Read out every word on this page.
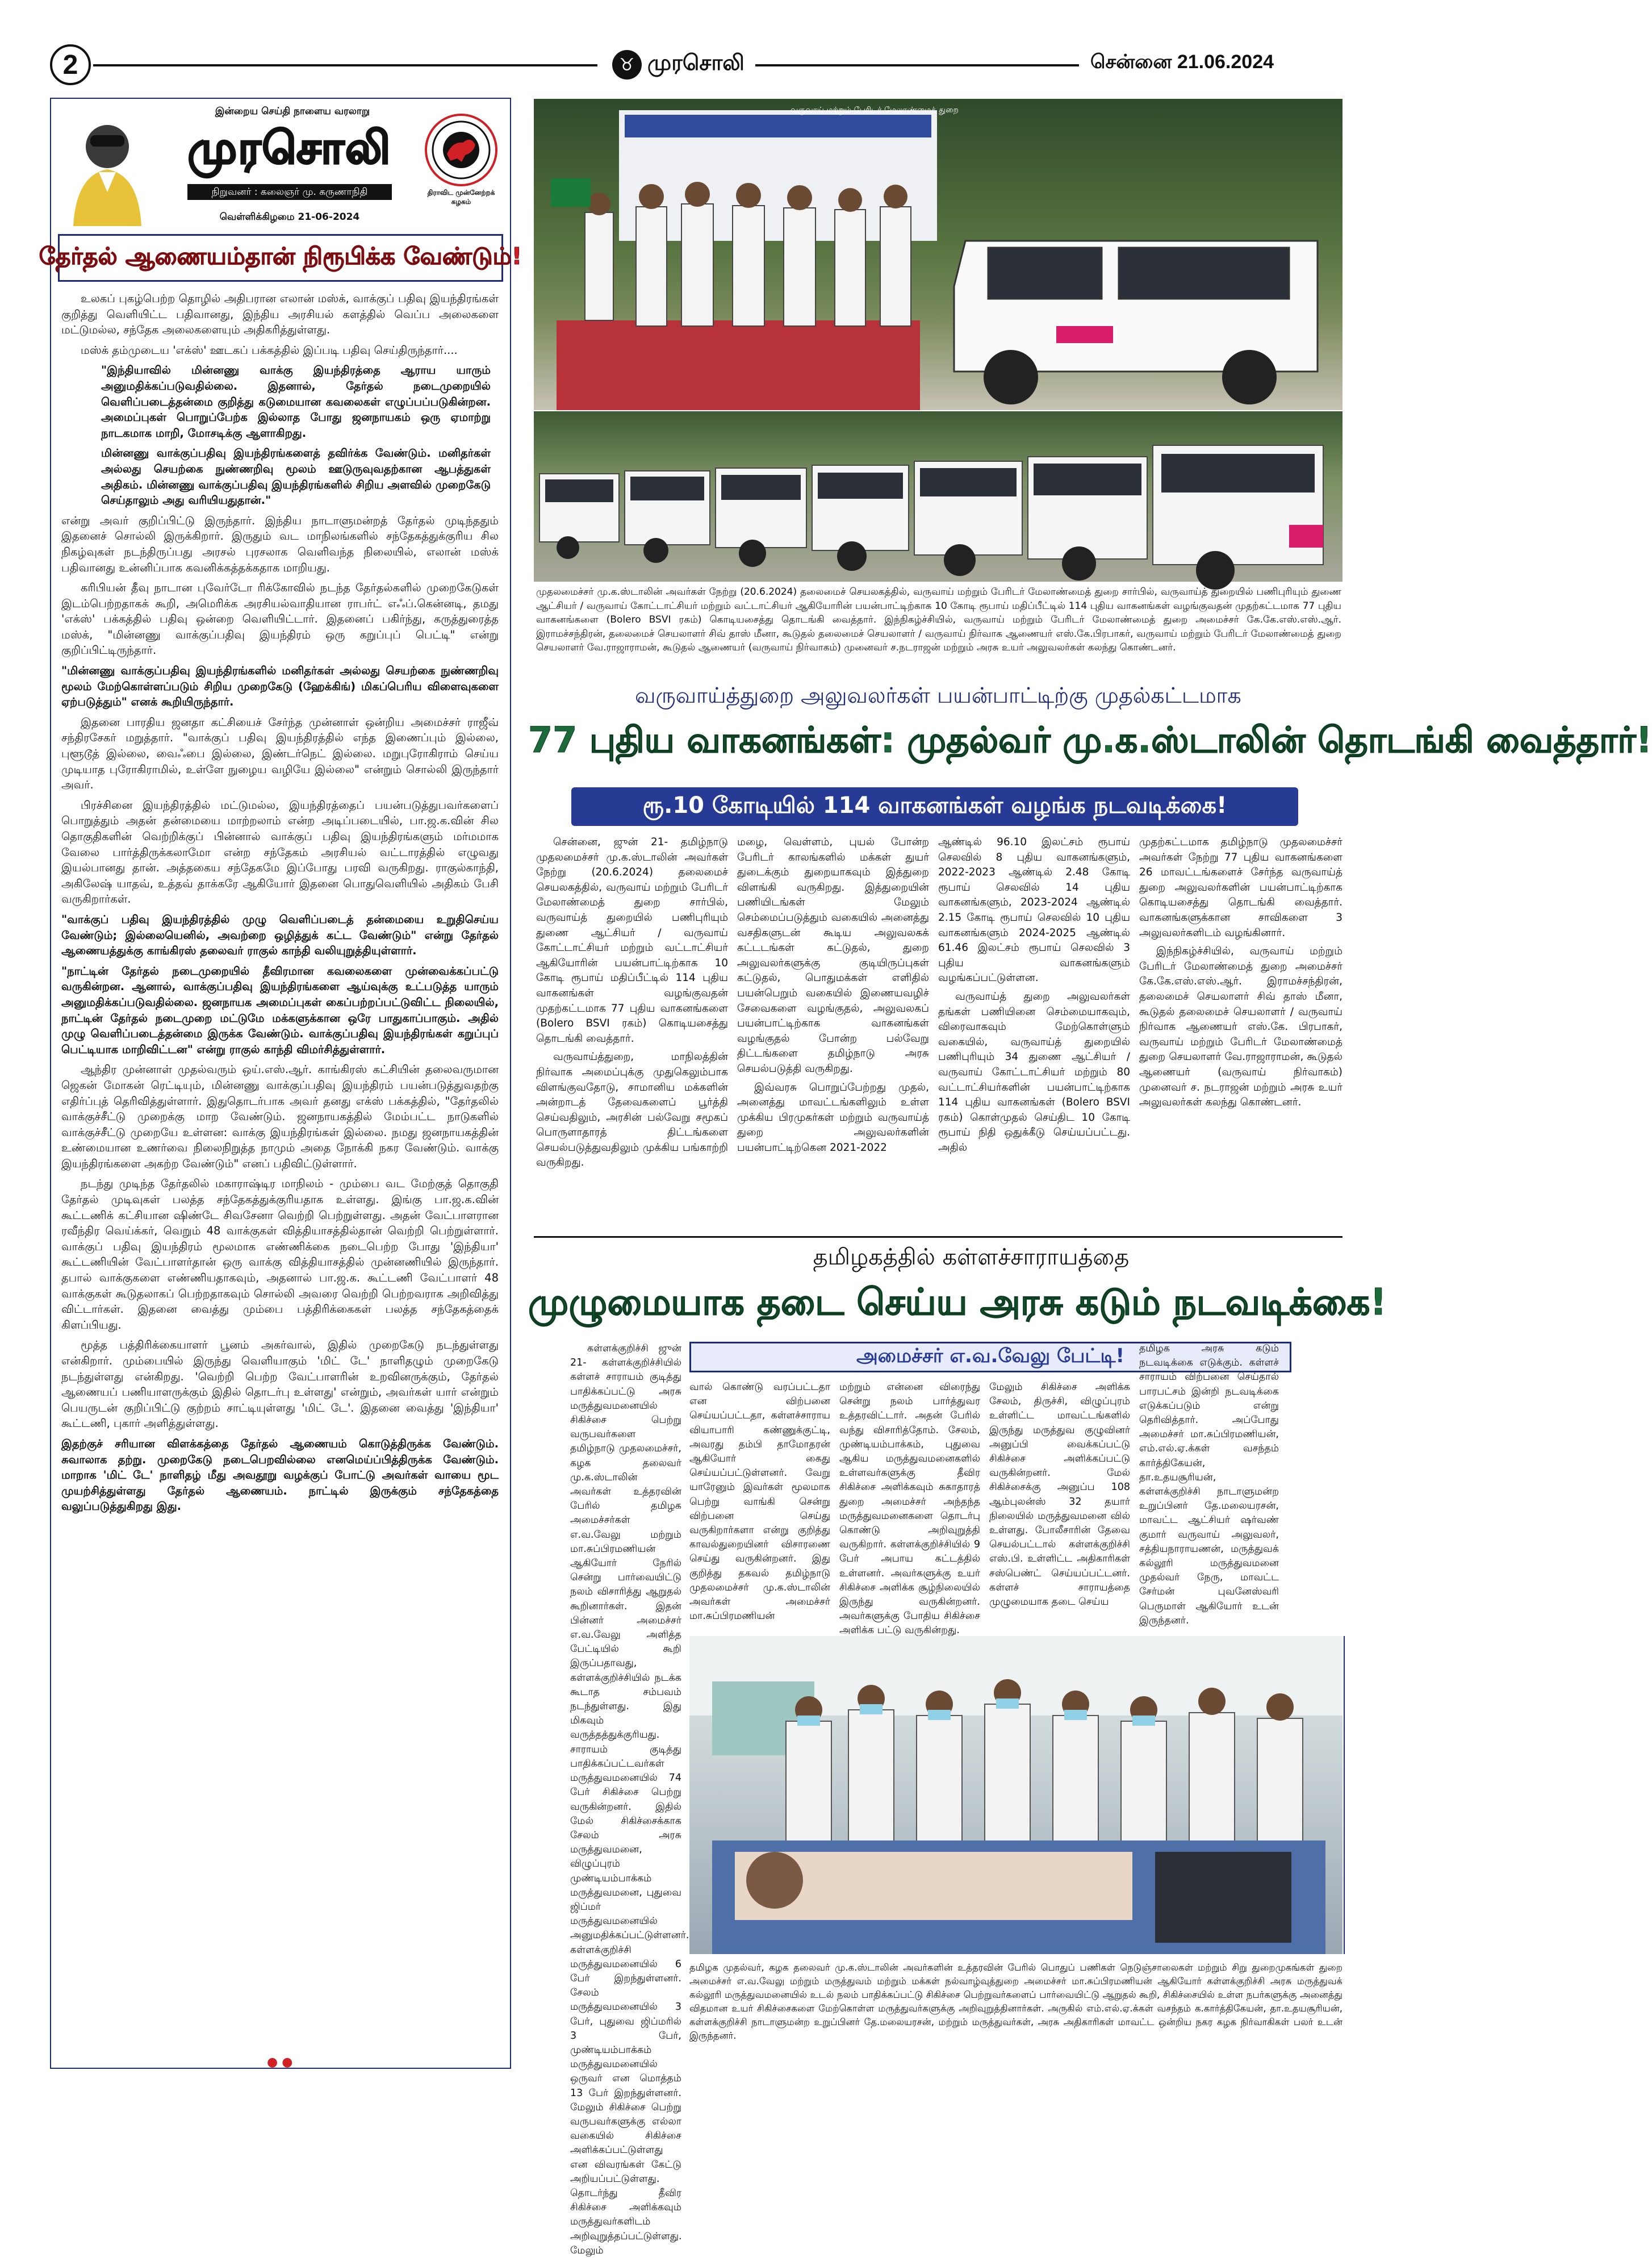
2	♉ முரசொலி	சென்னை 21.06.2024
இன்றைய செய்தி நாளைய வரலாறு
முரசொலி
நிறுவனர் : கலைஞர் மு. கருணாநிதி	திராவிட முன்னேற்றக் கழகம்
வெள்ளிக்கிழமை 21-06-2024
தேர்தல் ஆணையம்தான் நிரூபிக்க வேண்டும்!

உலகப் புகழ்பெற்ற தொழில் அதிபரான எலான் மஸ்க், வாக்குப் பதிவு இயந்திரங்கள் குறித்து வெளியிட்ட பதிவானது, இந்திய அரசியல் களத்தில் வெப்ப அலைகளை மட்டுமல்ல, சந்தேக அலைகளையும் அதிகரித்துள்ளது.

மஸ்க் தம்முடைய 'எக்ஸ்' ஊடகப் பக்கத்தில் இப்படி பதிவு செய்திருந்தார்....

"இந்தியாவில் மின்னணு வாக்கு இயந்திரத்தை ஆராய யாரும் அனுமதிக்கப்படுவதில்லை. இதனால், தேர்தல் நடைமுறையில் வெளிப்படைத்தன்மை குறித்து கடுமையான கவலைகள் எழுப்பப்படுகின்றன. அமைப்புகள் பொறுப்பேற்க இல்லாத போது ஜனநாயகம் ஒரு ஏமாற்று நாடகமாக மாறி, மோசடிக்கு ஆளாகிறது.

மின்னணு வாக்குப்பதிவு இயந்திரங்களைத் தவிர்க்க வேண்டும். மனிதர்கள் அல்லது செயற்கை நுண்ணறிவு மூலம் ஊடுருவுவதற்கான ஆபத்துகள் அதிகம். மின்னணு வாக்குப்பதிவு இயந்திரங்களில் சிறிய அளவில் முறைகேடு செய்தாலும் அது வரியியதுதான்."

என்று அவர் குறிப்பிட்டு இருந்தார். இந்திய நாடாளுமன்றத் தேர்தல் முடிந்ததும் இதனைச் சொல்லி இருக்கிறார். இருதும் வட மாநிலங்களில் சந்தேகத்துக்குரிய சில நிகழ்வுகள் நடந்திருப்பது அரசல் புரசலாக வெளிவந்த நிலையில், எலான் மஸ்க் பதிவானது உன்னிப்பாக கவனிக்கத்தக்கதாக மாறியது.

கரிபியன் தீவு நாடான புவேர்டோ ரிக்கோவில் நடந்த தேர்தல்களில் முறைகேடுகள் இடம்பெற்றதாகக் கூறி, அமெரிக்க அரசியல்வாதியான ராபர்ட் எஃப்.கென்னடி, தமது 'எக்ஸ்' பக்கத்தில் பதிவு ஒன்றை வெளியிட்டார். இதனைப் பகிர்ந்து, கருத்துரைத்த மஸ்க், "மின்னணு வாக்குப்பதிவு இயந்திரம் ஒரு கறுப்புப் பெட்டி" என்று குறிப்பிட்டிருந்தார்.

"மின்னணு வாக்குப்பதிவு இயந்திரங்களில் மனிதர்கள் அல்லது செயற்கை நுண்ணறிவு மூலம் மேற்கொள்ளப்படும் சிறிய முறைகேடு (ஹேக்கிங்) மிகப்பெரிய விளைவுகளை ஏற்படுத்தும்" எனக் கூறியிருந்தார்.

இதனை பாரதிய ஜனதா கட்சியைச் சேர்ந்த முன்னாள் ஒன்றிய அமைச்சர் ராஜீவ் சந்திரசேகர் மறுத்தார். "வாக்குப் பதிவு இயந்திரத்தில் எந்த இணைப்பும் இல்லை, புளூடூத் இல்லை, வைஃபை இல்லை, இண்டர்நெட் இல்லை. மறுபுரோகிராம் செய்ய முடியாத புரோகிராமில், உள்ளே நுழைய வழியே இல்லை" என்றும் சொல்லி இருந்தார் அவர்.

பிரச்சினை இயந்திரத்தில் மட்டுமல்ல, இயந்திரத்தைப் பயன்படுத்துபவர்களைப் பொறுத்தும் அதன் தன்மையை மாற்றலாம் என்ற அடிப்படையில், பா.ஜ.க.வின் சில தொகுதிகளின் வெற்றிக்குப் பின்னால் வாக்குப் பதிவு இயந்திரங்களும் மர்மமாக வேலை பார்த்திருக்கலாமோ என்ற சந்தேகம் அரசியல் வட்டாரத்தில் எழுவது இயல்பானது தான். அத்தகைய சந்தேகமே இப்போது பரவி வருகிறது. ராகுல்காந்தி, அகிலேஷ் யாதவ், உத்தவ் தாக்கரே ஆகியோர் இதனை பொதுவெளியில் அதிகம் பேசி வருகிறார்கள்.

"வாக்குப் பதிவு இயந்திரத்தில் முழு வெளிப்படைத் தன்மையை உறுதிசெய்ய வேண்டும்; இல்லையெனில், அவற்றை ஒழித்துக் கட்ட வேண்டும்" என்று தேர்தல் ஆணையத்துக்கு காங்கிரஸ் தலைவர் ராகுல் காந்தி வலியுறுத்தியுள்ளார்.

"நாட்டின் தேர்தல் நடைமுறையில் தீவிரமான கவலைகளை முன்வைக்கப்பட்டு வருகின்றன. ஆனால், வாக்குப்பதிவு இயந்திரங்களை ஆய்வுக்கு உட்படுத்த யாரும் அனுமதிக்கப்படுவதில்லை. ஜனநாயக அமைப்புகள் கைப்பற்றப்பட்டுவிட்ட நிலையில், நாட்டின் தேர்தல் நடைமுறை மட்டுமே மக்களுக்கான ஒரே பாதுகாப்பாகும். அதில் முழு வெளிப்படைத்தன்மை இருக்க வேண்டும். வாக்குப்பதிவு இயந்திரங்கள் கறுப்புப் பெட்டியாக மாறிவிட்டன" என்று ராகுல் காந்தி விமர்சித்துள்ளார்.

ஆந்திர முன்னாள் முதல்வரும் ஒய்.எஸ்.ஆர். காங்கிரஸ் கட்சியின் தலைவருமான ஜெகன் மோகன் ரெட்டியும், மின்னணு வாக்குப்பதிவு இயந்திரம் பயன்படுத்துவதற்கு எதிர்ப்புத் தெரிவித்துள்ளார். இதுதொடர்பாக அவர் தனது எக்ஸ் பக்கத்தில், "தேர்தலில் வாக்குச்சீட்டு முறைக்கு மாற வேண்டும். ஜனநாயகத்தில் மேம்பட்ட நாடுகளில் வாக்குச்சீட்டு முறையே உள்ளன: வாக்கு இயந்திரங்கள் இல்லை. நமது ஜனநாயகத்தின் உண்மையான உணர்வை நிலைநிறுத்த நாமும் அதை நோக்கி நகர வேண்டும். வாக்கு இயந்திரங்களை அகற்ற வேண்டும்" எனப் பதிவிட்டுள்ளார்.

நடந்து முடிந்த தேர்தலில் மகாராஷ்டிர மாநிலம் - மும்பை வட மேற்குத் தொகுதி தேர்தல் முடிவுகள் பலத்த சந்தேகத்துக்குரியதாக உள்ளது. இங்கு பா.ஜ.க.வின் கூட்டணிக் கட்சியான ஷிண்டே சிவசேனா வெற்றி பெற்றுள்ளது. அதன் வேட்பாளரான ரவீந்திர வெய்க்கர், வெறும் 48 வாக்குகள் வித்தியாசத்தில்தான் வெற்றி பெற்றுள்ளார். வாக்குப் பதிவு இயந்திரம் மூலமாக எண்ணிக்கை நடைபெற்ற போது 'இந்தியா' கூட்டணியின் வேட்பாளர்தான் ஒரு வாக்கு வித்தியாசத்தில் முன்னணியில் இருந்தார். தபால் வாக்குகளை எண்ணியதாகவும், அதனால் பா.ஜ.க. கூட்டணி வேட்பாளர் 48 வாக்குகள் கூடுதலாகப் பெற்றதாகவும் சொல்லி அவரை வெற்றி பெற்றவராக அறிவித்து விட்டார்கள். இதனை வைத்து மும்பை பத்திரிக்கைகள் பலத்த சந்தேகத்தைக் கிளப்பியது.

மூத்த பத்திரிக்கையாளர் பூனம் அகர்வால், இதில் முறைகேடு நடந்துள்ளது என்கிறார். மும்பையில் இருந்து வெளியாகும் 'மிட் டே' நாளிதழும் முறைகேடு நடந்துள்ளது என்கிறது. 'வெற்றி பெற்ற வேட்பாளரின் உறவினருக்கும், தேர்தல் ஆணையப் பணியாளருக்கும் இதில் தொடர்பு உள்ளது' என்றும், அவர்கள் யார் என்றும் பெயருடன் குறிப்பிட்டு குற்றம் சாட்டியுள்ளது 'மிட் டே'. இதனை வைத்து 'இந்தியா' கூட்டணி, புகார் அளித்துள்ளது.

இதற்குச் சரியான விளக்கத்தை தேர்தல் ஆணையம் கொடுத்திருக்க வேண்டும். சுவாலாக தற்று. முறைகேடு நடைபெறவில்லை எனமெய்ப்பித்திருக்க வேண்டும். மாறாக 'மிட் டே' நாளிதழ் மீது அவதூறு வழக்குப் போட்டு அவர்கள் வாயை மூட முயற்சித்துள்ளது தேர்தல் ஆணையம். நாட்டில் இருக்கும் சந்தேகத்தை வலுப்படுத்துகிறது இது.

● ●
வருவாய் மற்றும் பேரிடர் மேலாண்மைத் துறை
முதலமைச்சர் மு.க.ஸ்டாலின் அவர்கள் நேற்று (20.6.2024) தலைமைச் செயலகத்தில், வருவாய் மற்றும் பேரிடர் மேலாண்மைத் துறை சார்பில், வருவாய்த் துறையில் பணிபுரியும் துணை ஆட்சியர் / வருவாய் கோட்டாட்சியர் மற்றும் வட்டாட்சியர் ஆகியோரின் பயன்பாட்டிற்காக 10 கோடி ரூபாய் மதிப்பீட்டில் 114 புதிய வாகனங்கள் வழங்குவதன் முதற்கட்டமாக 77 புதிய வாகனங்களை (Bolero BSVI ரகம்) கொடியசைத்து தொடங்கி வைத்தார். இந்நிகழ்ச்சியில், வருவாய் மற்றும் பேரிடர் மேலாண்மைத் துறை அமைச்சர் கே.கே.எஸ்.எஸ்.ஆர். இராமச்சந்திரன், தலைமைச் செயலாளர் சிவ் தாஸ் மீனா, கூடுதல் தலைமைச் செயலாளர் / வருவாய் நிர்வாக ஆணையர் எஸ்.கே.பிரபாகர், வருவாய் மற்றும் பேரிடர் மேலாண்மைத் துறை செயலாளர் வே.ராஜாராமன், கூடுதல் ஆணையர் (வருவாய் நிர்வாகம்) முனைவர் ச.நடராஜன் மற்றும் அரசு உயர் அலுவலர்கள் கலந்து கொண்டனர்.
வருவாய்த்துறை அலுவலர்கள் பயன்பாட்டிற்கு முதல்கட்டமாக
77 புதிய வாகனங்கள்: முதல்வர் மு.க.ஸ்டாலின் தொடங்கி வைத்தார்!
ரூ.10 கோடியில் 114 வாகனங்கள் வழங்க நடவடிக்கை!

சென்னை, ஜுன் 21- தமிழ்நாடு முதலமைச்சர் மு.க.ஸ்டாலின் அவர்கள் நேற்று (20.6.2024) தலைமைச் செயலகத்தில், வருவாய் மற்றும் பேரிடர் மேலாண்மைத் துறை சார்பில், வருவாய்த் துறையில் பணிபுரியும் துணை ஆட்சியர் / வருவாய் கோட்டாட்சியர் மற்றும் வட்டாட்சியர் ஆகியோரின் பயன்பாட்டிற்காக 10 கோடி ரூபாய் மதிப்பீட்டில் 114 புதிய வாகனங்கள் வழங்குவதன் முதற்கட்டமாக 77 புதிய வாகனங்களை (Bolero BSVI ரகம்) கொடியசைத்து தொடங்கி வைத்தார்.

வருவாய்த்துறை, மாநிலத்தின் நிர்வாக அமைப்புக்கு முதுகெலும்பாக விளங்குவதோடு, சாமானிய மக்களின் அன்றாடத் தேவைகளைப் பூர்த்தி செய்வதிலும், அரசின் பல்வேறு சமூகப் பொருளாதாரத் திட்டங்களை செயல்படுத்துவதிலும் முக்கிய பங்காற்றி வருகிறது.

மழை, வெள்ளம், புயல் போன்ற பேரிடர் காலங்களில் மக்கள் துயர் துடைக்கும் துறையாகவும் இத்துறை விளங்கி வருகிறது. இத்துறையின் பணியிடங்கள் மேலும் செம்மைப்படுத்தும் வகையில் அனைத்து வசதிகளுடன் கூடிய அலுவலகக் கட்டடங்கள் கட்டுதல், துறை அலுவலர்களுக்கு குடியிருப்புகள் கட்டுதல், பொதுமக்கள் எளிதில் பயன்பெறும் வகையில் இணையவழிச் சேவைகளை வழங்குதல், அலுவலகப் பயன்பாட்டிற்காக வாகனங்கள் வழங்குதல் போன்ற பல்வேறு திட்டங்களை தமிழ்நாடு அரசு செயல்படுத்தி வருகிறது.

இவ்வரசு பொறுப்பேற்றது முதல், அனைத்து மாவட்டங்களிலும் உள்ள முக்கிய பிரமுகர்கள் மற்றும் வருவாய்த் துறை அலுவலர்களின் பயன்பாட்டிற்கென 2021-2022

ஆண்டில் 96.10 இலட்சம் ரூபாய் செலவில் 8 புதிய வாகனங்களும், 2022-2023 ஆண்டில் 2.48 கோடி ரூபாய் செலவில் 14 புதிய வாகனங்களும், 2023-2024 ஆண்டில் 2.15 கோடி ரூபாய் செலவில் 10 புதிய வாகனங்களும் 2024-2025 ஆண்டில் 61.46 இலட்சம் ரூபாய் செலவில் 3 புதிய வாகனங்களும் வழங்கப்பட்டுள்ளன.

வருவாய்த் துறை அலுவலர்கள் தங்கள் பணியினை செம்மையாகவும், விரைவாகவும் மேற்கொள்ளும் வகையில், வருவாய்த் துறையில் பணிபுரியும் 34 துணை ஆட்சியர் / வருவாய் கோட்டாட்சியர் மற்றும் 80 வட்டாட்சியர்களின் பயன்பாட்டிற்காக 114 புதிய வாகனங்கள் (Bolero BSVI ரகம்) கொள்முதல் செய்திட 10 கோடி ரூபாய் நிதி ஒதுக்கீடு செய்யப்பட்டது. அதில்

முதற்கட்டமாக தமிழ்நாடு முதலமைச்சர் அவர்கள் நேற்று 77 புதிய வாகனங்களை 26 மாவட்டங்களைச் சேர்ந்த வருவாய்த் துறை அலுவலர்களின் பயன்பாட்டிற்காக கொடியசைத்து தொடங்கி வைத்தார். வாகனங்களுக்கான சாவிகளை 3 அலுவலர்களிடம் வழங்கினார்.

இந்நிகழ்ச்சியில், வருவாய் மற்றும் பேரிடர் மேலாண்மைத் துறை அமைச்சர் கே.கே.எஸ்.எஸ்.ஆர். இராமச்சந்திரன், தலைமைச் செயலாளர் சிவ் தாஸ் மீனா, கூடுதல் தலைமைச் செயலாளர் / வருவாய் நிர்வாக ஆணையர் எஸ்.கே. பிரபாகர், வருவாய் மற்றும் பேரிடர் மேலாண்மைத் துறை செயலாளர் வே.ராஜாராமன், கூடுதல் ஆணையர் (வருவாய் நிர்வாகம்) முனைவர் ச. நடராஜன் மற்றும் அரசு உயர் அலுவலர்கள் கலந்து கொண்டனர்.

தமிழகத்தில் கள்ளச்சாராயத்தை
முழுமையாக தடை செய்ய அரசு கடும் நடவடிக்கை!

கள்ளக்குறிச்சி ஜுன் 21- கள்ளக்குறிச்சியில் கள்ளச் சாராயம் குடித்து பாதிக்கப்பட்டு அரசு மருத்துவமனையில் சிகிச்சை பெற்று வருபவர்களை தமிழ்நாடு முதலமைச்சர், கழக தலைவர் மு.க.ஸ்டாலின் அவர்கள் உத்தரவின் பேரில் தமிழக அமைச்சர்கள் எ.வ.வேலு மற்றும் மா.சுப்பிரமணியன் ஆகியோர் நேரில் சென்று பார்வையிட்டு நலம் விசாரித்து ஆறுதல் கூறினார்கள். இதன் பின்னர் அமைச்சர் எ.வ.வேலு அளித்த பேட்டியில் கூறி இருப்பதாவது, கள்ளக்குறிச்சியில் நடக்க கூடாத சம்பவம் நடந்துள்ளது. இது மிகவும் வருத்தத்துக்குரியது. சாராயம் குடித்து பாதிக்கப்பட்டவர்கள் மருத்துவமனையில் 74 பேர் சிகிச்சை பெற்று வருகின்றனர். இதில் மேல் சிகிச்சைக்காக சேலம் அரசு மருத்துவமனை, விழுப்புரம் முண்டியம்பாக்கம் மருத்துவமனை, புதுவை ஜிப்மர் மருத்துவமனையில் அனுமதிக்கப்பட்டுள்ளனர். கள்ளக்குறிச்சி மருத்துவமனையில் 6 பேர் இறந்துள்ளனர். சேலம் மருத்துவமனையில் 3 பேர், புதுவை ஜிப்மரில் 3 பேர், முண்டியம்பாக்கம் மருத்துவமனையில் ஒருவர் என மொத்தம் 13 பேர் இறந்துள்ளனர். மேலும் சிகிச்சை பெற்று வருபவர்களுக்கு எல்லா வகையில் சிகிச்சை அளிக்கப்பட்டுள்ளது என விவரங்கள் கேட்டு அறியப்பட்டுள்ளது. தொடர்ந்து தீவிர சிகிச்சை அளிக்கவும் மருத்துவர்களிடம் அறிவுறுத்தப்பட்டுள்ளது. மேலும்

அமைச்சர் எ.வ.வேலு பேட்டி!

வால் கொண்டு வரப்பட்டதா என விற்பனை செய்யப்பட்டதா, கள்ளச்சாராய வியாபாரி கண்ணுக்குட்டி, அவரது தம்பி தாமோதரன் ஆகியோர் கைது செய்யப்பட்டுள்ளனர். வேறு யாரேனும் இவர்கள் மூலமாக பெற்று வாங்கி சென்று விற்பனை செய்து வருகிறார்களா என்று குறித்து காவல்துறையினர் விசாரணை செய்து வருகின்றனர். இது குறித்து தகவல் தமிழ்நாடு முதலமைச்சர் மு.க.ஸ்டாலின் அவர்கள் அமைச்சர் மா.சுப்பிரமணியன்

மற்றும் என்னை விரைந்து சென்று நலம் பார்த்துவர உத்தரவிட்டார். அதன் பேரில் வந்து விசாரித்தோம். சேலம், முண்டியம்பாக்கம், புதுவை ஆகிய மருத்துவமனைகளில் உள்ளவர்களுக்கு தீவிர சிகிச்சை அளிக்கவும் சுகாதாரத் துறை அமைச்சர் அந்தந்த மருத்துவமனைகளை தொடர்பு கொண்டு அறிவுறுத்தி வருகிறார். கள்ளக்குறிச்சியில் 9 பேர் அபாய கட்டத்தில் உள்ளனர். அவர்களுக்கு உயர் சிகிச்சை அளிக்க சூழ்நிலையில் இருந்து வருகின்றனர். அவர்களுக்கு போதிய சிகிச்சை அளிக்க பட்டு வருகின்றது.

மேலும் சிகிச்சை அளிக்க சேலம், திருச்சி, விழுப்புரம் உள்ளிட்ட மாவட்டங்களில் இருந்து மருத்துவ குழுவினர் அனுப்பி வைக்கப்பட்டு சிகிச்சை அளிக்கப்பட்டு வருகின்றனர். மேல் சிகிச்சைக்கு அனுப்ப 108 ஆம்புலன்ஸ் 32 தயார் நிலையில் மருத்துவமனை வில் உள்ளது. போலீசாரின் தேவை செயல்பட்டால் கள்ளக்குறிச்சி எஸ்.பி. உள்ளிட்ட அதிகாரிகள் சஸ்பெண்ட் செய்யப்பட்டனர். கள்ளச் சாராயத்தை முழுமையாக தடை செய்ய

தமிழக அரசு கடும் நடவடிக்கை எடுக்கும். கள்ளச் சாராயம் விற்பனை செய்தால் பாரபட்சம் இன்றி நடவடிக்கை எடுக்கப்படும் என்று தெரிவித்தார். அப்போது அமைச்சர் மா.சுப்பிரமணியன், எம்.எல்.ஏ.க்கள் வசந்தம் கார்த்திகேயன், தா.உதயசூரியன், கள்ளக்குறிச்சி நாடாளுமன்ற உறுப்பினர் தே.மலையரசன், மாவட்ட ஆட்சியர் ஷர்வண் குமார் வருவாய் அலுவலர், சத்தியநாராயணன், மருத்துவக் கல்லூரி மருத்துவமனை முதல்வர் நேரு, மாவட்ட சேர்மன் புவனேஸ்வரி பெருமாள் ஆகியோர் உடன் இருந்தனர்.

தமிழக முதல்வர், கழக தலைவர் மு.க.ஸ்டாலின் அவர்களின் உத்தரவின் பேரில் பொதுப் பணிகள் நெடுஞ்சாலைகள் மற்றும் சிறு துறைமுகங்கள் துறை அமைச்சர் எ.வ.வேலு மற்றும் மருத்துவம் மற்றும் மக்கள் நல்வாழ்வுத்துறை அமைச்சர் மா.சுப்பிரமணியன் ஆகியோர் கள்ளக்குறிச்சி அரசு மருத்துவக் கல்லூரி மருத்துவமனையில் உடல் நலம் பாதிக்கப்பட்டு சிகிச்சை பெற்றுவர்களைப் பார்வையிட்டு ஆறுதல் கூறி, சிகிச்சையில் உள்ள நபர்களுக்கு அனைத்து விதமான உயர் சிகிச்சைகளை மேற்கொள்ள மருத்துவர்களுக்கு அறிவுறுத்தினார்கள். அருகில் எம்.எல்.ஏ.க்கள் வசந்தம் க.கார்த்திகேயன், தா.உதயசூரியன், கள்ளக்குறிச்சி நாடாளுமன்ற உறுப்பினர் தே.மலையரசன், மற்றும் மருத்துவர்கள், அரசு அதிகாரிகள் மாவட்ட ஒன்றிய நகர கழக நிர்வாகிகள் பலர் உடன் இருந்தனர்.
